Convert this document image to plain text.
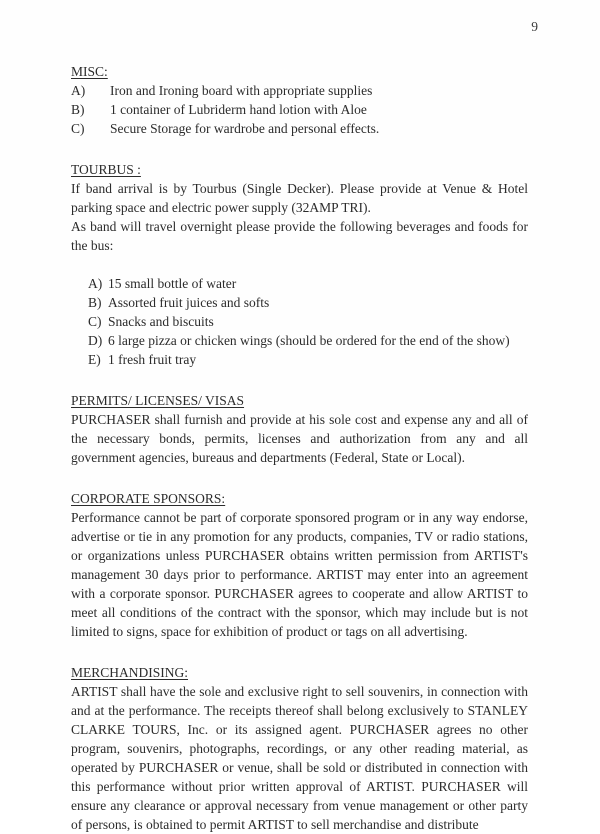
9
MISC:
A)	Iron and Ironing board with appropriate supplies
B)	1 container of Lubriderm hand lotion with Aloe
C)	Secure Storage for wardrobe and personal effects.
TOURBUS :

If band arrival is by Tourbus (Single Decker). Please provide at Venue & Hotel parking space and electric power supply (32AMP TRI).

As band will travel overnight please provide the following beverages and foods for the bus:

A) 15 small bottle of water
B) Assorted fruit juices and softs
C) Snacks and biscuits
D) 6 large pizza or chicken wings (should be ordered for the end of the show)
E) 1 fresh fruit tray
PERMITS/ LICENSES/ VISAS

PURCHASER shall furnish and provide at his sole cost and expense any and all of the necessary bonds, permits, licenses and authorization from any and all government agencies, bureaus and departments (Federal, State or Local).

CORPORATE SPONSORS:

Performance cannot be part of corporate sponsored program or in any way endorse, advertise or tie in any promotion for any products, companies, TV or radio stations, or organizations unless PURCHASER obtains written permission from ARTIST's management 30 days prior to performance. ARTIST may enter into an agreement with a corporate sponsor. PURCHASER agrees to cooperate and allow ARTIST to meet all conditions of the contract with the sponsor, which may include but is not limited to signs, space for exhibition of product or tags on all advertising.

MERCHANDISING:

ARTIST shall have the sole and exclusive right to sell souvenirs, in connection with and at the performance. The receipts thereof shall belong exclusively to STANLEY CLARKE TOURS, Inc. or its assigned agent. PURCHASER agrees no other program, souvenirs, photographs, recordings, or any other reading material, as operated by PURCHASER or venue, shall be sold or distributed in connection with this performance without prior written approval of ARTIST. PURCHASER will ensure any clearance or approval necessary from venue management or other party of persons, is obtained to permit ARTIST to sell merchandise and distribute
